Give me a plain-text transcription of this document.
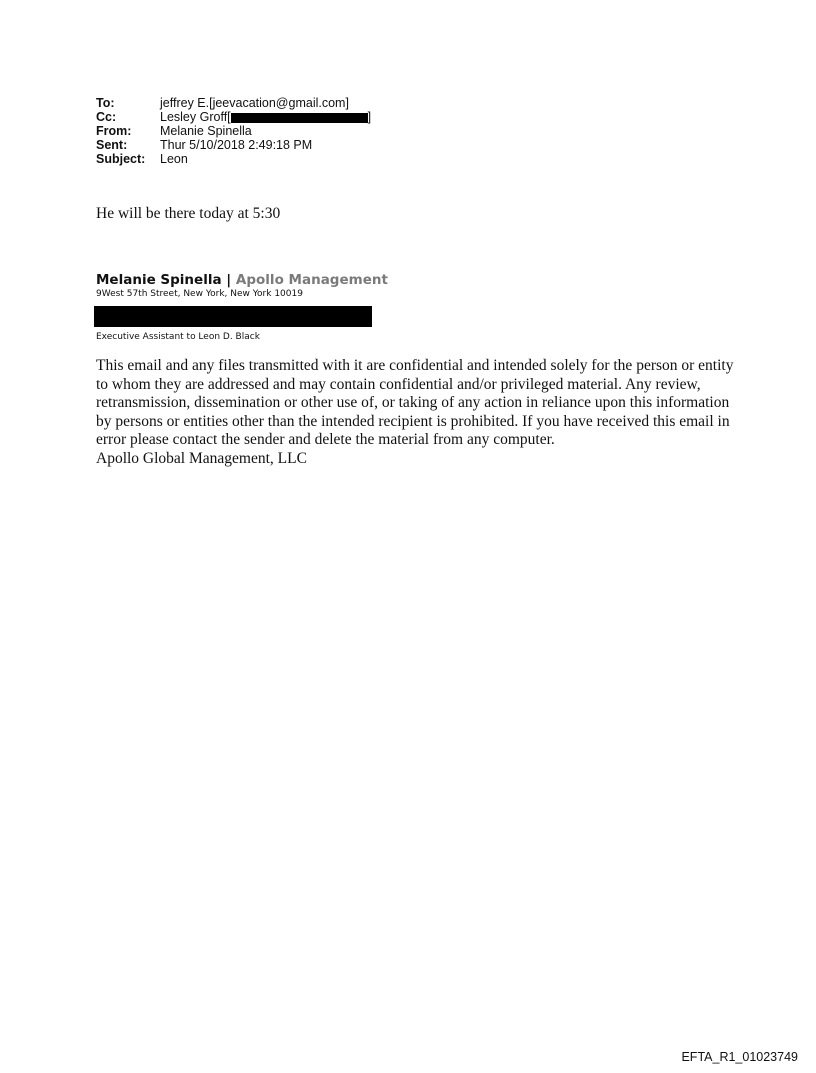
To:	jeffrey E.[jeevacation@gmail.com]
Cc:	Lesley Groff[	]
From:	Melanie Spinella
Sent:	Thur 5/10/2018 2:49:18 PM
Subject:	Leon
He will be there today at 5:30
Melanie Spinella | Apollo Management
9West 57th Street, New York, New York 10019
Executive Assistant to Leon D. Black
This email and any files transmitted with it are confidential and intended solely for the person or entity to whom they are addressed and may contain confidential and/or privileged material. Any review, retransmission, dissemination or other use of, or taking of any action in reliance upon this information by persons or entities other than the intended recipient is prohibited. If you have received this email in error please contact the sender and delete the material from any computer.
Apollo Global Management, LLC
EFTA_R1_01023749
